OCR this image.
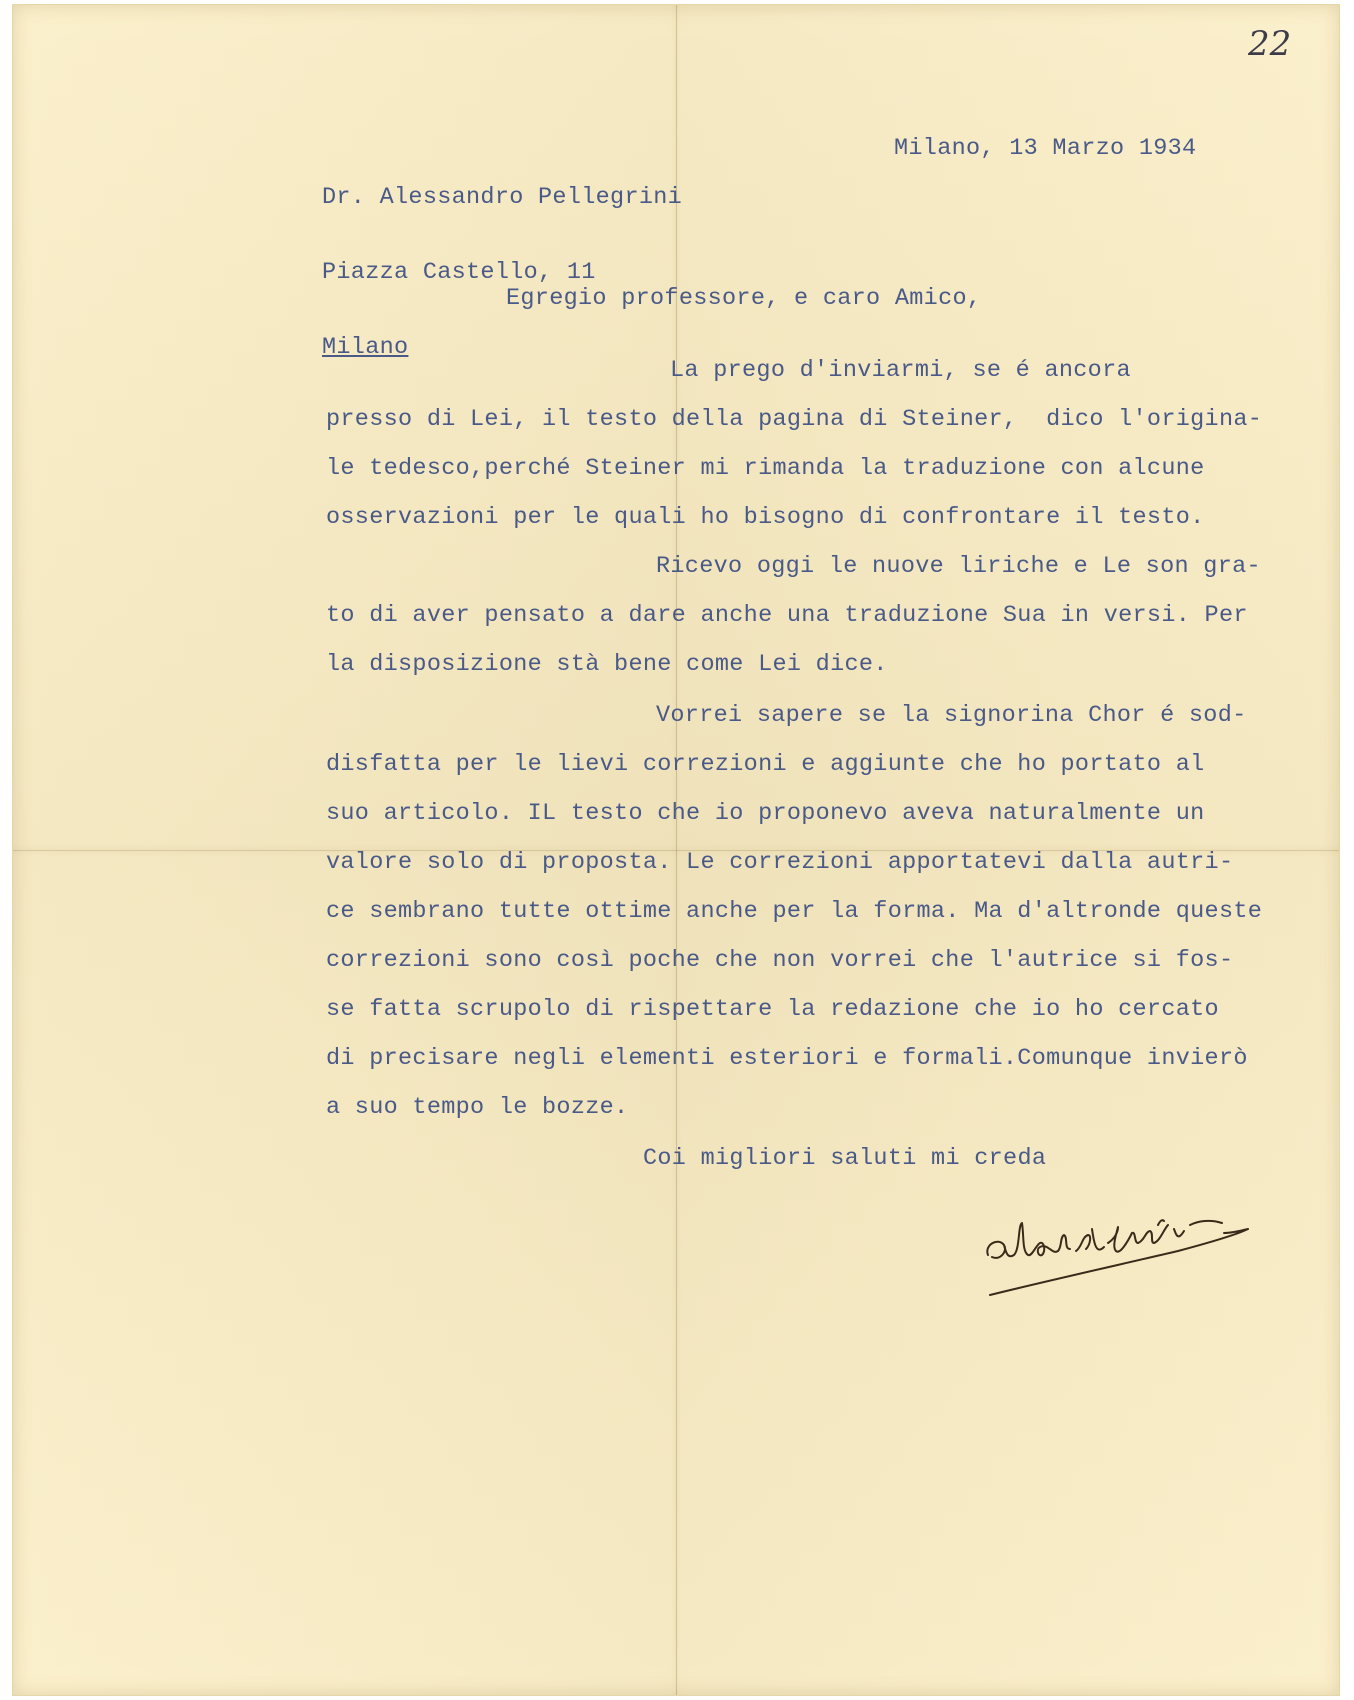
22

Dr. Alessandro Pellegrini

Piazza Castello, 11

Milano

Milano, 13 Marzo 1934
Egregio professore, e caro Amico,
La prego d'inviarmi, se é ancora
presso di Lei, il testo della pagina di Steiner,  dico l'origina-
le tedesco,perché Steiner mi rimanda la traduzione con alcune
osservazioni per le quali ho bisogno di confrontare il testo.
Ricevo oggi le nuove liriche e Le son gra-
to di aver pensato a dare anche una traduzione Sua in versi. Per
la disposizione stà bene come Lei dice.
Vorrei sapere se la signorina Chor é sod-
disfatta per le lievi correzioni e aggiunte che ho portato al
suo articolo. IL testo che io proponevo aveva naturalmente un
valore solo di proposta. Le correzioni apportatevi dalla autri-
ce sembrano tutte ottime anche per la forma. Ma d'altronde queste
correzioni sono così poche che non vorrei che l'autrice si fos-
se fatta scrupolo di rispettare la redazione che io ho cercato
di precisare negli elementi esteriori e formali.Comunque invierò
a suo tempo le bozze.
Coi migliori saluti mi creda
